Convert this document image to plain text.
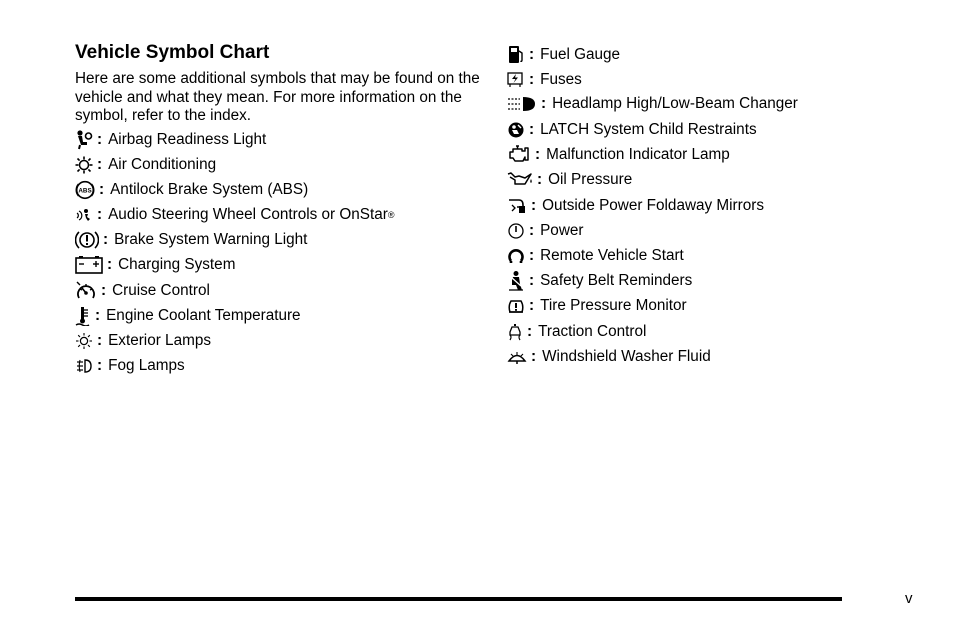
Vehicle Symbol Chart
Here are some additional symbols that may be found on the vehicle and what they mean. For more information on the symbol, refer to the index.
: Airbag Readiness Light
: Air Conditioning
ABS : Antilock Brake System (ABS)
: Audio Steering Wheel Controls or OnStar ®
: Brake System Warning Light
: Charging System
: Cruise Control
: Engine Coolant Temperature
: Exterior Lamps
: Fog Lamps
: Fuel Gauge
: Fuses
: Headlamp High/Low-Beam Changer
: LATCH System Child Restraints
: Malfunction Indicator Lamp
: Oil Pressure
: Outside Power Foldaway Mirrors
: Power
: Remote Vehicle Start
: Safety Belt Reminders
: Tire Pressure Monitor
: Traction Control
: Windshield Washer Fluid
v
